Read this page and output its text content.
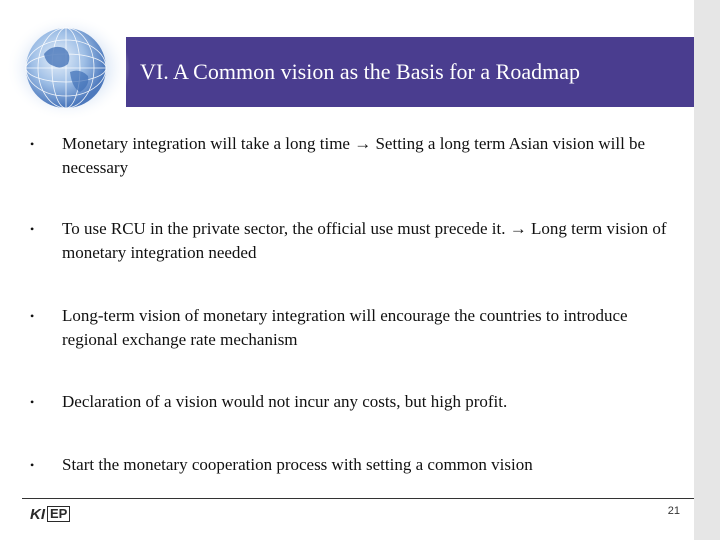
VI. A Common vision as the Basis for a Roadmap
•	Monetary integration will take a long time → Setting a long term Asian vision will be necessary
•	To use RCU in the private sector, the official use must precede it. → Long term vision of monetary integration needed
•	Long-term vision of monetary integration will encourage the countries to introduce regional exchange rate mechanism
•	Declaration of a vision would not incur any costs, but high profit.
•	Start the monetary cooperation process with setting a common vision
KI EP	21
